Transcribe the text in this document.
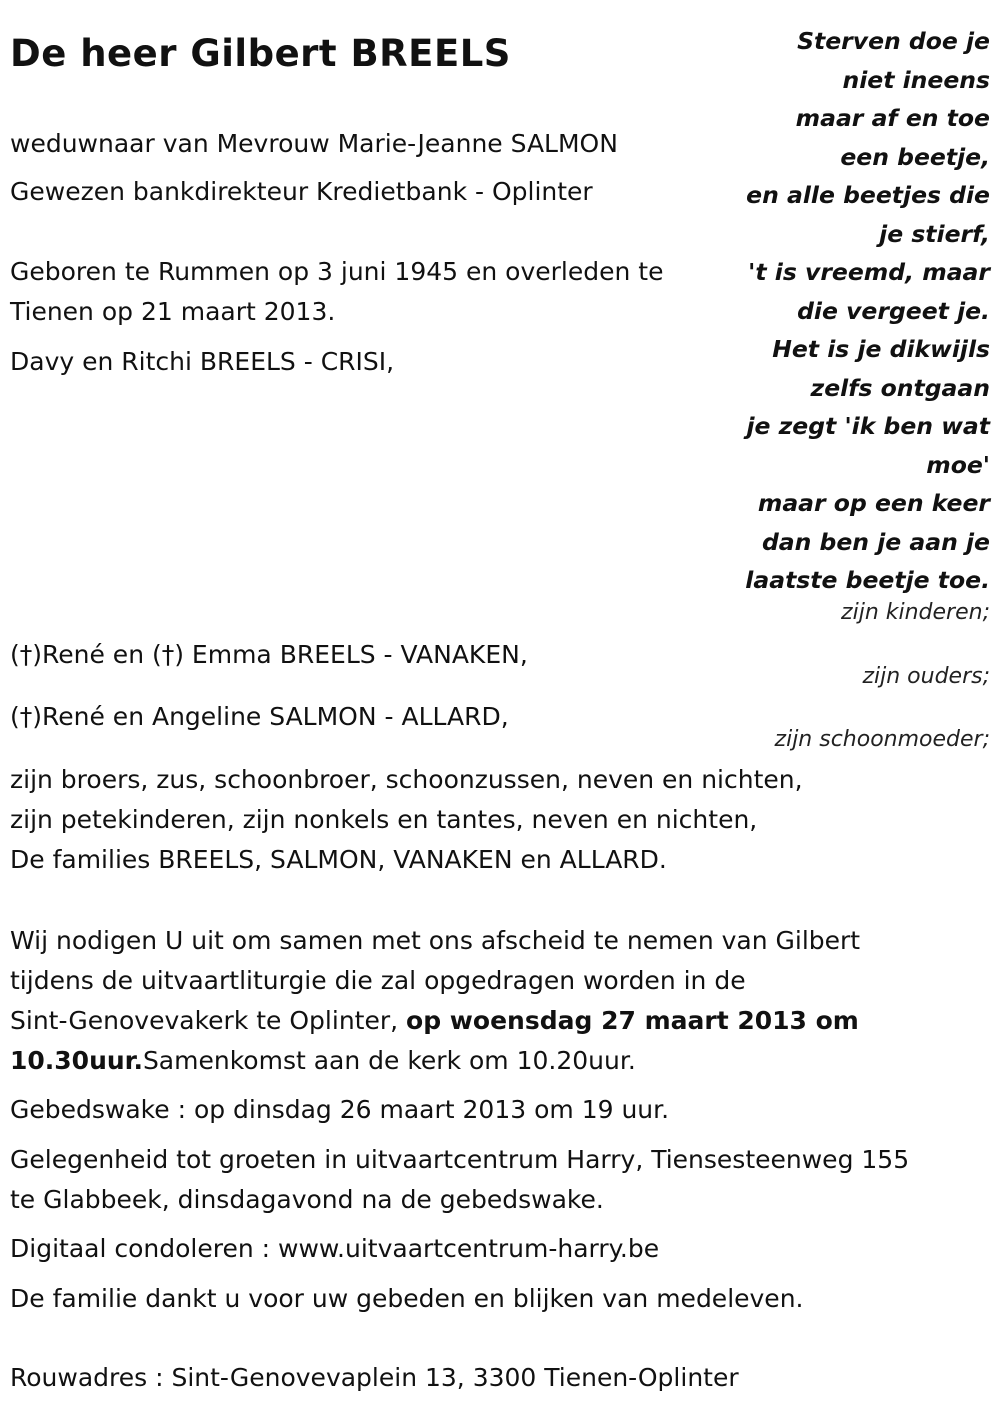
De heer Gilbert BREELS

weduwnaar van Mevrouw Marie-Jeanne SALMON

Gewezen bankdirekteur Kredietbank - Oplinter

Geboren te Rummen op 3 juni 1945 en overleden te
Tienen op 21 maart 2013.
Sterven doe je
niet ineens
maar af en toe
een beetje,
en alle beetjes die
je stierf,
't is vreemd, maar
die vergeet je.
Het is je dikwijls
zelfs ontgaan
je zegt 'ik ben wat
moe'
maar op een keer
dan ben je aan je
laatste beetje toe.

Davy en Ritchi BREELS - CRISI,

zijn kinderen;

(†)René en (†) Emma BREELS - VANAKEN,

zijn ouders;

(†)René en Angeline SALMON - ALLARD,

zijn schoonmoeder;

zijn broers, zus, schoonbroer, schoonzussen, neven en nichten,
zijn petekinderen, zijn nonkels en tantes, neven en nichten,
De families BREELS, SALMON, VANAKEN en ALLARD.
Wij nodigen U uit om samen met ons afscheid te nemen van Gilbert
tijdens de uitvaartliturgie die zal opgedragen worden in de
Sint-Genovevakerk te Oplinter, op woensdag 27 maart 2013 om
10.30uur.Samenkomst aan de kerk om 10.20uur.

Gebedswake : op dinsdag 26 maart 2013 om 19 uur.

Gelegenheid tot groeten in uitvaartcentrum Harry, Tiensesteenweg 155
te Glabbeek, dinsdagavond na de gebedswake.

Digitaal condoleren : www.uitvaartcentrum-harry.be

De familie dankt u voor uw gebeden en blijken van medeleven.

Rouwadres : Sint-Genovevaplein 13, 3300 Tienen-Oplinter
